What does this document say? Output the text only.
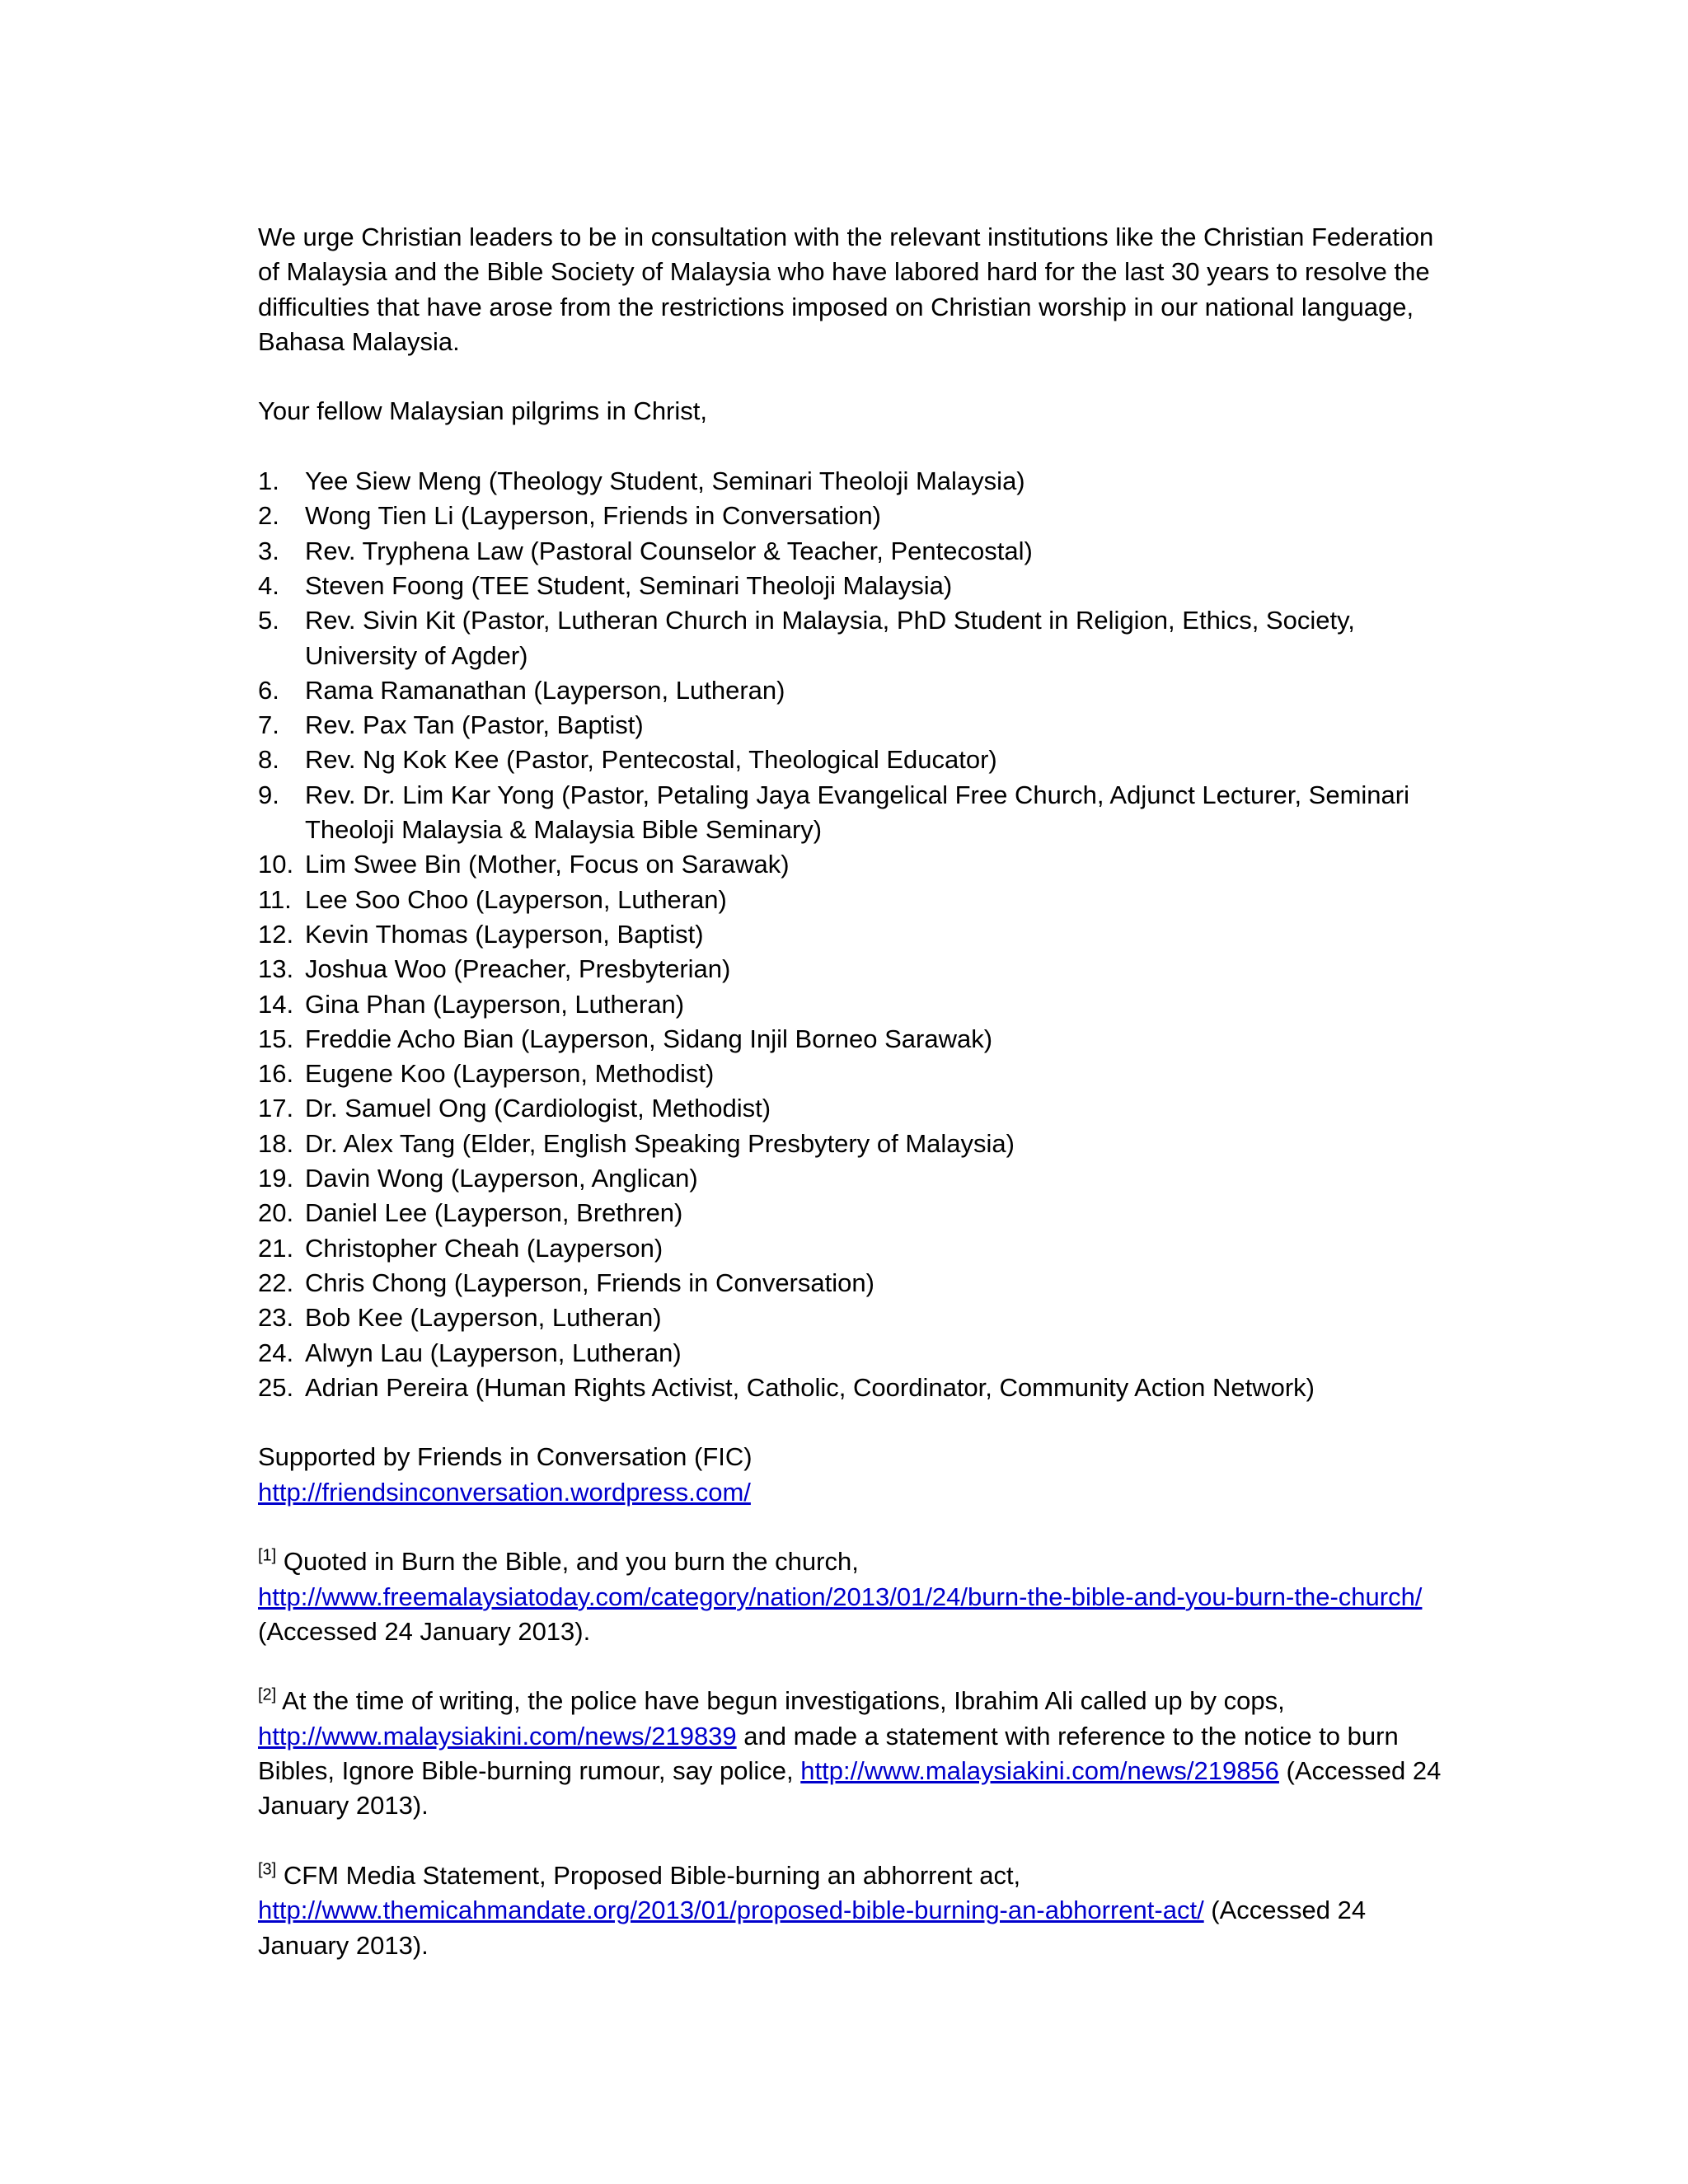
We urge Christian leaders to be in consultation with the relevant institutions like the Christian Federation of Malaysia and the Bible Society of Malaysia who have labored hard for the last 30 years to resolve the difficulties that have arose from the restrictions imposed on Christian worship in our national language, Bahasa Malaysia.

Your fellow Malaysian pilgrims in Christ,

1.	Yee Siew Meng (Theology Student, Seminari Theoloji Malaysia)
2.	Wong Tien Li (Layperson, Friends in Conversation)
3.	Rev. Tryphena Law (Pastoral Counselor & Teacher, Pentecostal)
4.	Steven Foong (TEE Student, Seminari Theoloji Malaysia)
5.	Rev. Sivin Kit (Pastor, Lutheran Church in Malaysia, PhD Student in Religion, Ethics, Society, University of Agder)
6.	Rama Ramanathan (Layperson, Lutheran)
7.	Rev. Pax Tan (Pastor, Baptist)
8.	Rev. Ng Kok Kee (Pastor, Pentecostal, Theological Educator)
9.	Rev. Dr. Lim Kar Yong (Pastor, Petaling Jaya Evangelical Free Church, Adjunct Lecturer, Seminari Theoloji Malaysia & Malaysia Bible Seminary)
10. Lim Swee Bin (Mother, Focus on Sarawak)
11. Lee Soo Choo (Layperson, Lutheran)
12. Kevin Thomas (Layperson, Baptist)
13. Joshua Woo (Preacher, Presbyterian)
14. Gina Phan (Layperson, Lutheran)
15. Freddie Acho Bian (Layperson, Sidang Injil Borneo Sarawak)
16. Eugene Koo (Layperson, Methodist)
17. Dr. Samuel Ong (Cardiologist, Methodist)
18. Dr. Alex Tang (Elder, English Speaking Presbytery of Malaysia)
19. Davin Wong (Layperson, Anglican)
20. Daniel Lee (Layperson, Brethren)
21. Christopher Cheah (Layperson)
22. Chris Chong (Layperson, Friends in Conversation)
23. Bob Kee (Layperson, Lutheran)
24. Alwyn Lau (Layperson, Lutheran)
25. Adrian Pereira (Human Rights Activist, Catholic, Coordinator, Community Action Network)

Supported by Friends in Conversation (FIC)

http://friendsinconversation.wordpress.com/

[1] Quoted in Burn the Bible, and you burn the church, http://www.freemalaysiatoday.com/category/nation/2013/01/24/burn-the-bible-and-you-burn-the-church/ (Accessed 24 January 2013).

[2] At the time of writing, the police have begun investigations, Ibrahim Ali called up by cops, http://www.malaysiakini.com/news/219839 and made a statement with reference to the notice to burn Bibles, Ignore Bible-burning rumour, say police, http://www.malaysiakini.com/news/219856 (Accessed 24 January 2013).

[3] CFM Media Statement, Proposed Bible-burning an abhorrent act, http://www.themicahmandate.org/2013/01/proposed-bible-burning-an-abhorrent-act/ (Accessed 24 January 2013).
